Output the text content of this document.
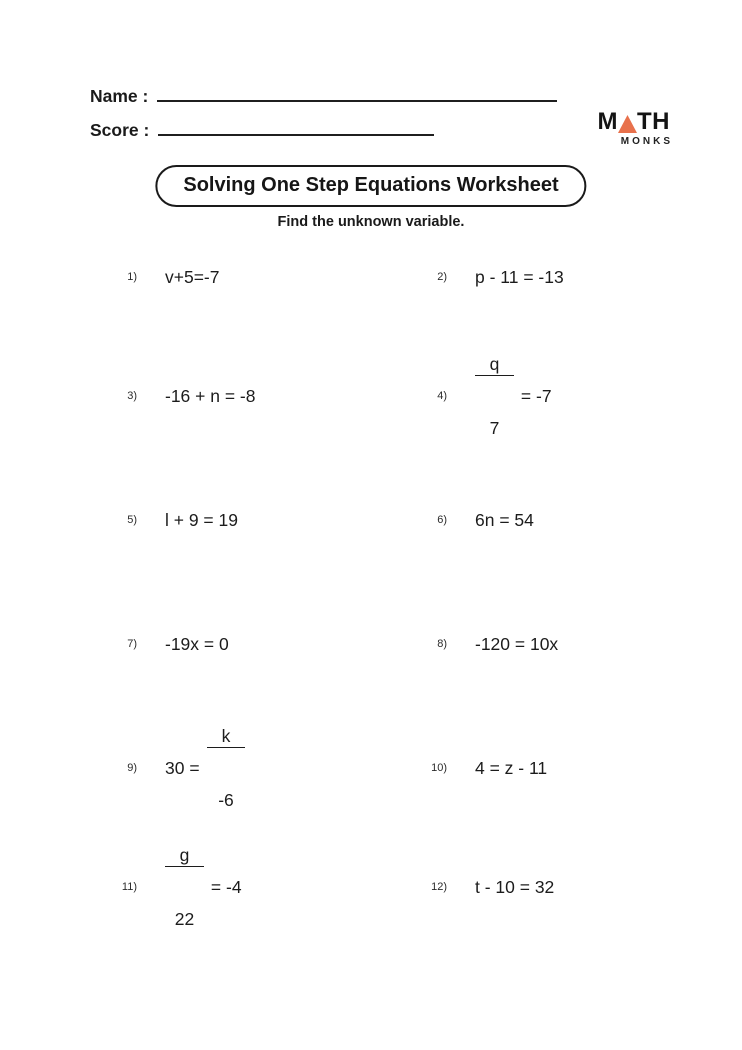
Name :
Score :	M TH
MONKS
Solving One Step Equations Worksheet
Find the unknown variable.
1) v+5=-7	2) p - 11 = -13
3) -16 + n = -8	4)

$\frac{q}{7}$

= -7
5) l + 9 = 19	6) 6n = 54
7) -19x = 0	8) -120 = 10x
9) 30 =

$\frac{k}{-6}$

	10) 4 = z - 11
11)

$\frac{g}{22}$

= -4	12) t - 10 = 32
